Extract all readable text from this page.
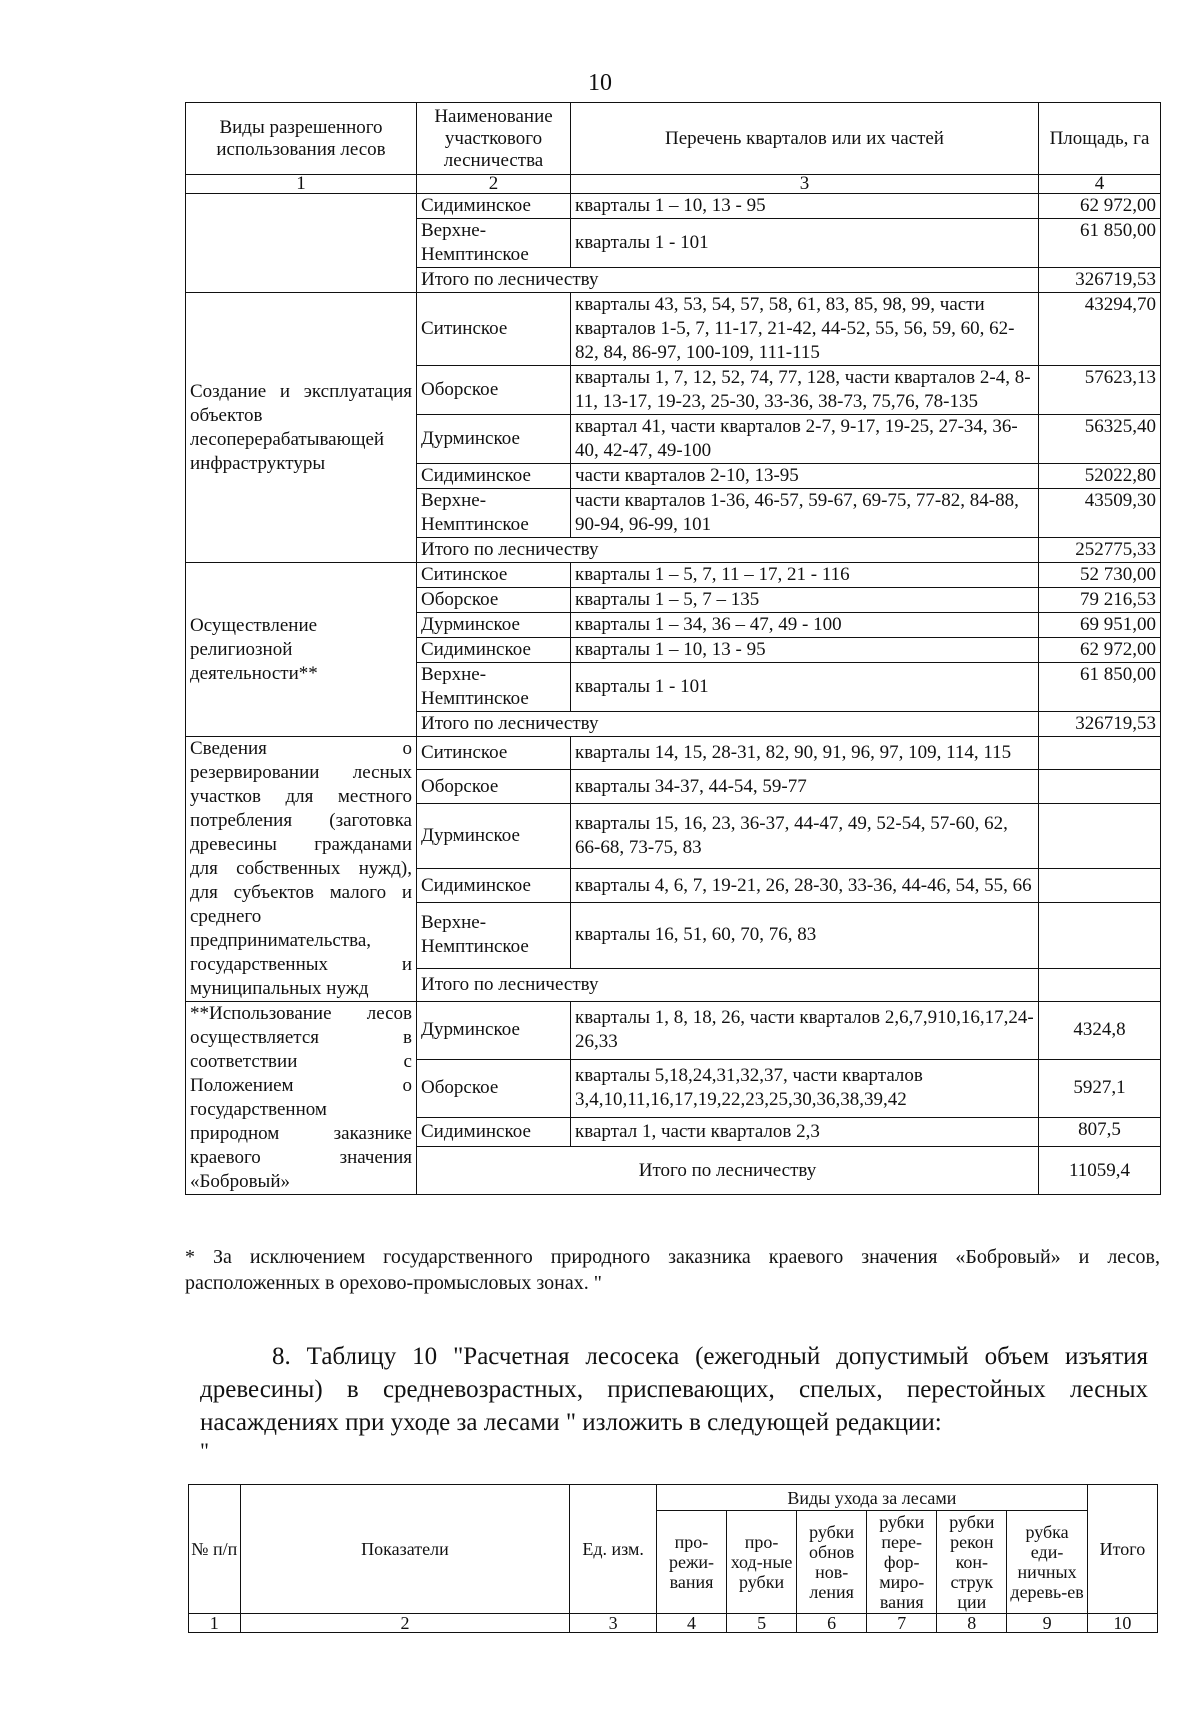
10
Виды разрешенного использования лесов	Наименование участкового лесничества	Перечень кварталов или их частей	Площадь, га
1	2	3	4
	Сидиминское	кварталы 1 – 10, 13 - 95	62 972,00
	Верхне-Немптинское	кварталы 1 - 101	61 850,00
	Итого по лесничеству		326719,53
Создание и эксплуатация объектов лесоперерабатывающей инфраструктуры	Ситинское	кварталы 43, 53, 54, 57, 58, 61, 83, 85, 98, 99, части кварталов 1-5, 7, 11-17, 21-42, 44-52, 55, 56, 59, 60, 62-82, 84, 86-97, 100-109, 111-115	43294,70
	Оборское	кварталы 1, 7, 12, 52, 74, 77, 128, части кварталов 2-4, 8-11, 13-17, 19-23, 25-30, 33-36, 38-73, 75,76, 78-135	57623,13
	Дурминское	квартал 41, части кварталов 2-7, 9-17, 19-25, 27-34, 36-40, 42-47, 49-100	56325,40
	Сидиминское	части кварталов 2-10, 13-95	52022,80
	Верхне-Немптинское	части кварталов 1-36, 46-57, 59-67, 69-75, 77-82, 84-88, 90-94, 96-99, 101	43509,30
	Итого по лесничеству		252775,33
Осуществление религиозной деятельности**	Ситинское	кварталы 1 – 5, 7, 11 – 17, 21 - 116	52 730,00
	Оборское	кварталы 1 – 5, 7 – 135	79 216,53
	Дурминское	кварталы 1 – 34, 36 – 47, 49 - 100	69 951,00
	Сидиминское	кварталы 1 – 10, 13 - 95	62 972,00
	Верхне-Немптинское	кварталы 1 - 101	61 850,00
	Итого по лесничеству		326719,53
Сведения о резервировании лесных участков для местного потребления (заготовка древесины гражданами для собственных нужд), для субъектов малого и среднего предпринимательства, государственных и муниципальных нужд	Ситинское	кварталы 14, 15, 28-31, 82, 90, 91, 96, 97, 109, 114, 115	
	Оборское	кварталы 34-37, 44-54, 59-77	
	Дурминское	кварталы 15, 16, 23, 36-37, 44-47, 49, 52-54, 57-60, 62, 66-68, 73-75, 83	
	Сидиминское	кварталы 4, 6, 7, 19-21, 26, 28-30, 33-36, 44-46, 54, 55, 66	
	Верхне-Немптинское	кварталы 16, 51, 60, 70, 76, 83	
	Итого по лесничеству		
**Использование лесов осуществляется в соответствии с Положением о государственном природном заказнике краевого значения «Бобровый»	Дурминское	кварталы 1, 8, 18, 26, части кварталов 2,6,7,910,16,17,24-26,33	4324,8
	Оборское	кварталы 5,18,24,31,32,37, части кварталов 3,4,10,11,16,17,19,22,23,25,30,36,38,39,42	5927,1
	Сидиминское	квартал 1, части кварталов 2,3	807,5
	Итого по лесничеству		11059,4
* За исключением государственного природного заказника краевого значения «Бобровый» и лесов, расположенных в орехово-промысловых зонах. "
8. Таблицу 10 "Расчетная лесосека (ежегодный допустимый объем изъятия древесины) в средневозрастных, приспевающих, спелых, перестойных лесных насаждениях при уходе за лесами " изложить в следующей редакции:
"
№ п/п	Показатели	Ед. изм.	Виды ухода за лесами						Итого
			про-режи-вания	про-ход-ные рубки	рубки обнов нов-ления	рубки пере-фор-миро-вания	рубки рекон кон-струк ции	рубка еди-ничных деревь-ев	
1	2	3	4	5	6	7	8	9	10
